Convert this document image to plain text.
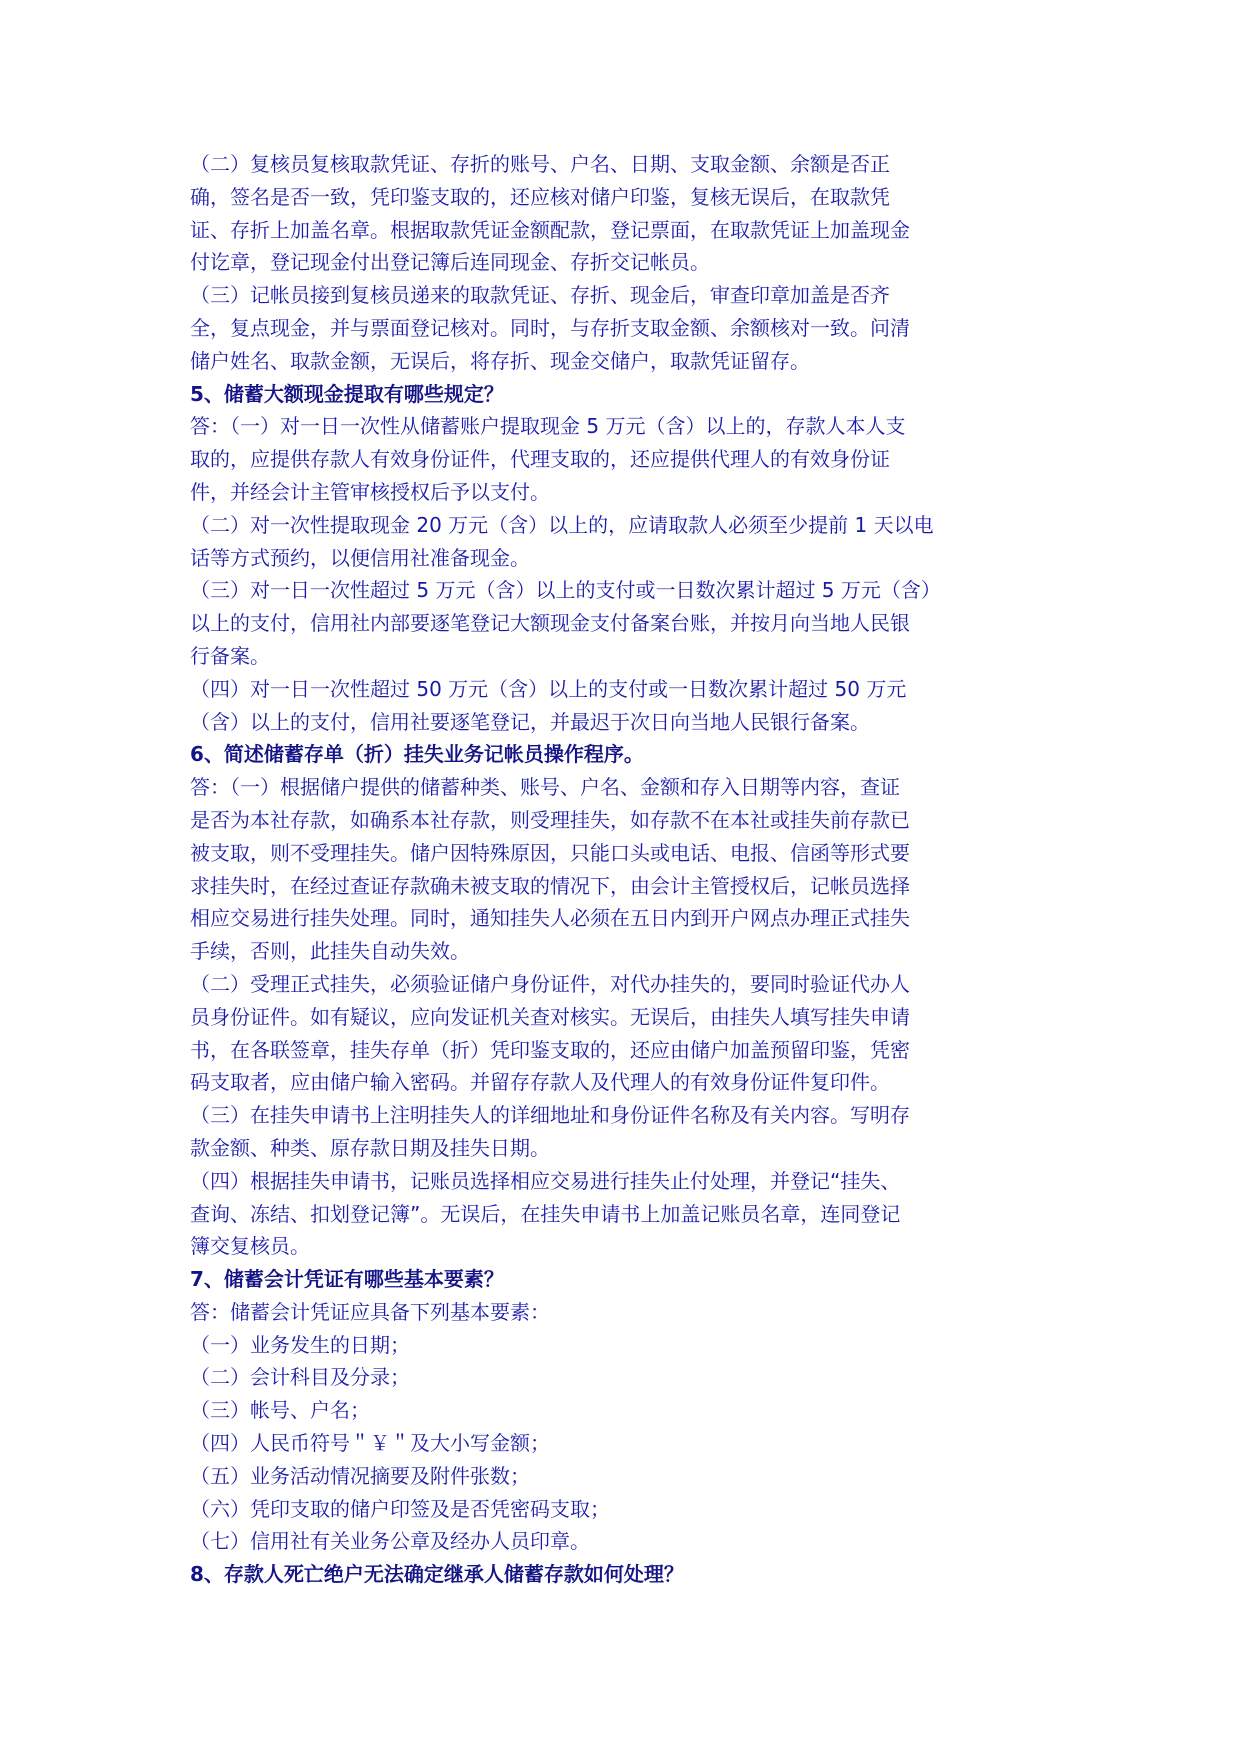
（二）复核员复核取款凭证、存折的账号、户名、日期、支取金额、余额是否正
确，签名是否一致，凭印鉴支取的，还应核对储户印鉴，复核无误后，在取款凭
证、存折上加盖名章。根据取款凭证金额配款，登记票面，在取款凭证上加盖现金
付讫章，登记现金付出登记簿后连同现金、存折交记帐员。
（三）记帐员接到复核员递来的取款凭证、存折、现金后，审查印章加盖是否齐
全，复点现金，并与票面登记核对。同时，与存折支取金额、余额核对一致。问清
储户姓名、取款金额，无误后，将存折、现金交储户，取款凭证留存。
5、储蓄大额现金提取有哪些规定？
答：（一）对一日一次性从储蓄账户提取现金 5 万元（含）以上的，存款人本人支
取的，应提供存款人有效身份证件，代理支取的，还应提供代理人的有效身份证
件，并经会计主管审核授权后予以支付。
（二）对一次性提取现金 20 万元（含）以上的，应请取款人必须至少提前 1 天以电
话等方式预约，以便信用社准备现金。
（三）对一日一次性超过 5 万元（含）以上的支付或一日数次累计超过 5 万元（含）
以上的支付，信用社内部要逐笔登记大额现金支付备案台账，并按月向当地人民银
行备案。
（四）对一日一次性超过 50 万元（含）以上的支付或一日数次累计超过 50 万元
（含）以上的支付，信用社要逐笔登记，并最迟于次日向当地人民银行备案。
6、简述储蓄存单（折）挂失业务记帐员操作程序。
答：（一）根据储户提供的储蓄种类、账号、户名、金额和存入日期等内容，查证
是否为本社存款，如确系本社存款，则受理挂失，如存款不在本社或挂失前存款已
被支取，则不受理挂失。储户因特殊原因，只能口头或电话、电报、信函等形式要
求挂失时，在经过查证存款确未被支取的情况下，由会计主管授权后，记帐员选择
相应交易进行挂失处理。同时，通知挂失人必须在五日内到开户网点办理正式挂失
手续，否则，此挂失自动失效。
（二）受理正式挂失，必须验证储户身份证件，对代办挂失的，要同时验证代办人
员身份证件。如有疑议，应向发证机关查对核实。无误后，由挂失人填写挂失申请
书，在各联签章，挂失存单（折）凭印鉴支取的，还应由储户加盖预留印鉴，凭密
码支取者，应由储户输入密码。并留存存款人及代理人的有效身份证件复印件。
（三）在挂失申请书上注明挂失人的详细地址和身份证件名称及有关内容。写明存
款金额、种类、原存款日期及挂失日期。
（四）根据挂失申请书，记账员选择相应交易进行挂失止付处理，并登记“挂失、
查询、冻结、扣划登记簿”。无误后，在挂失申请书上加盖记账员名章，连同登记
簿交复核员。
7、储蓄会计凭证有哪些基本要素？
答：储蓄会计凭证应具备下列基本要素：
（一）业务发生的日期；
（二）会计科目及分录；
（三）帐号、户名；
（四）人民币符号＂￥＂及大小写金额；
（五）业务活动情况摘要及附件张数；
（六）凭印支取的储户印签及是否凭密码支取；
（七）信用社有关业务公章及经办人员印章。
8、存款人死亡绝户无法确定继承人储蓄存款如何处理？
